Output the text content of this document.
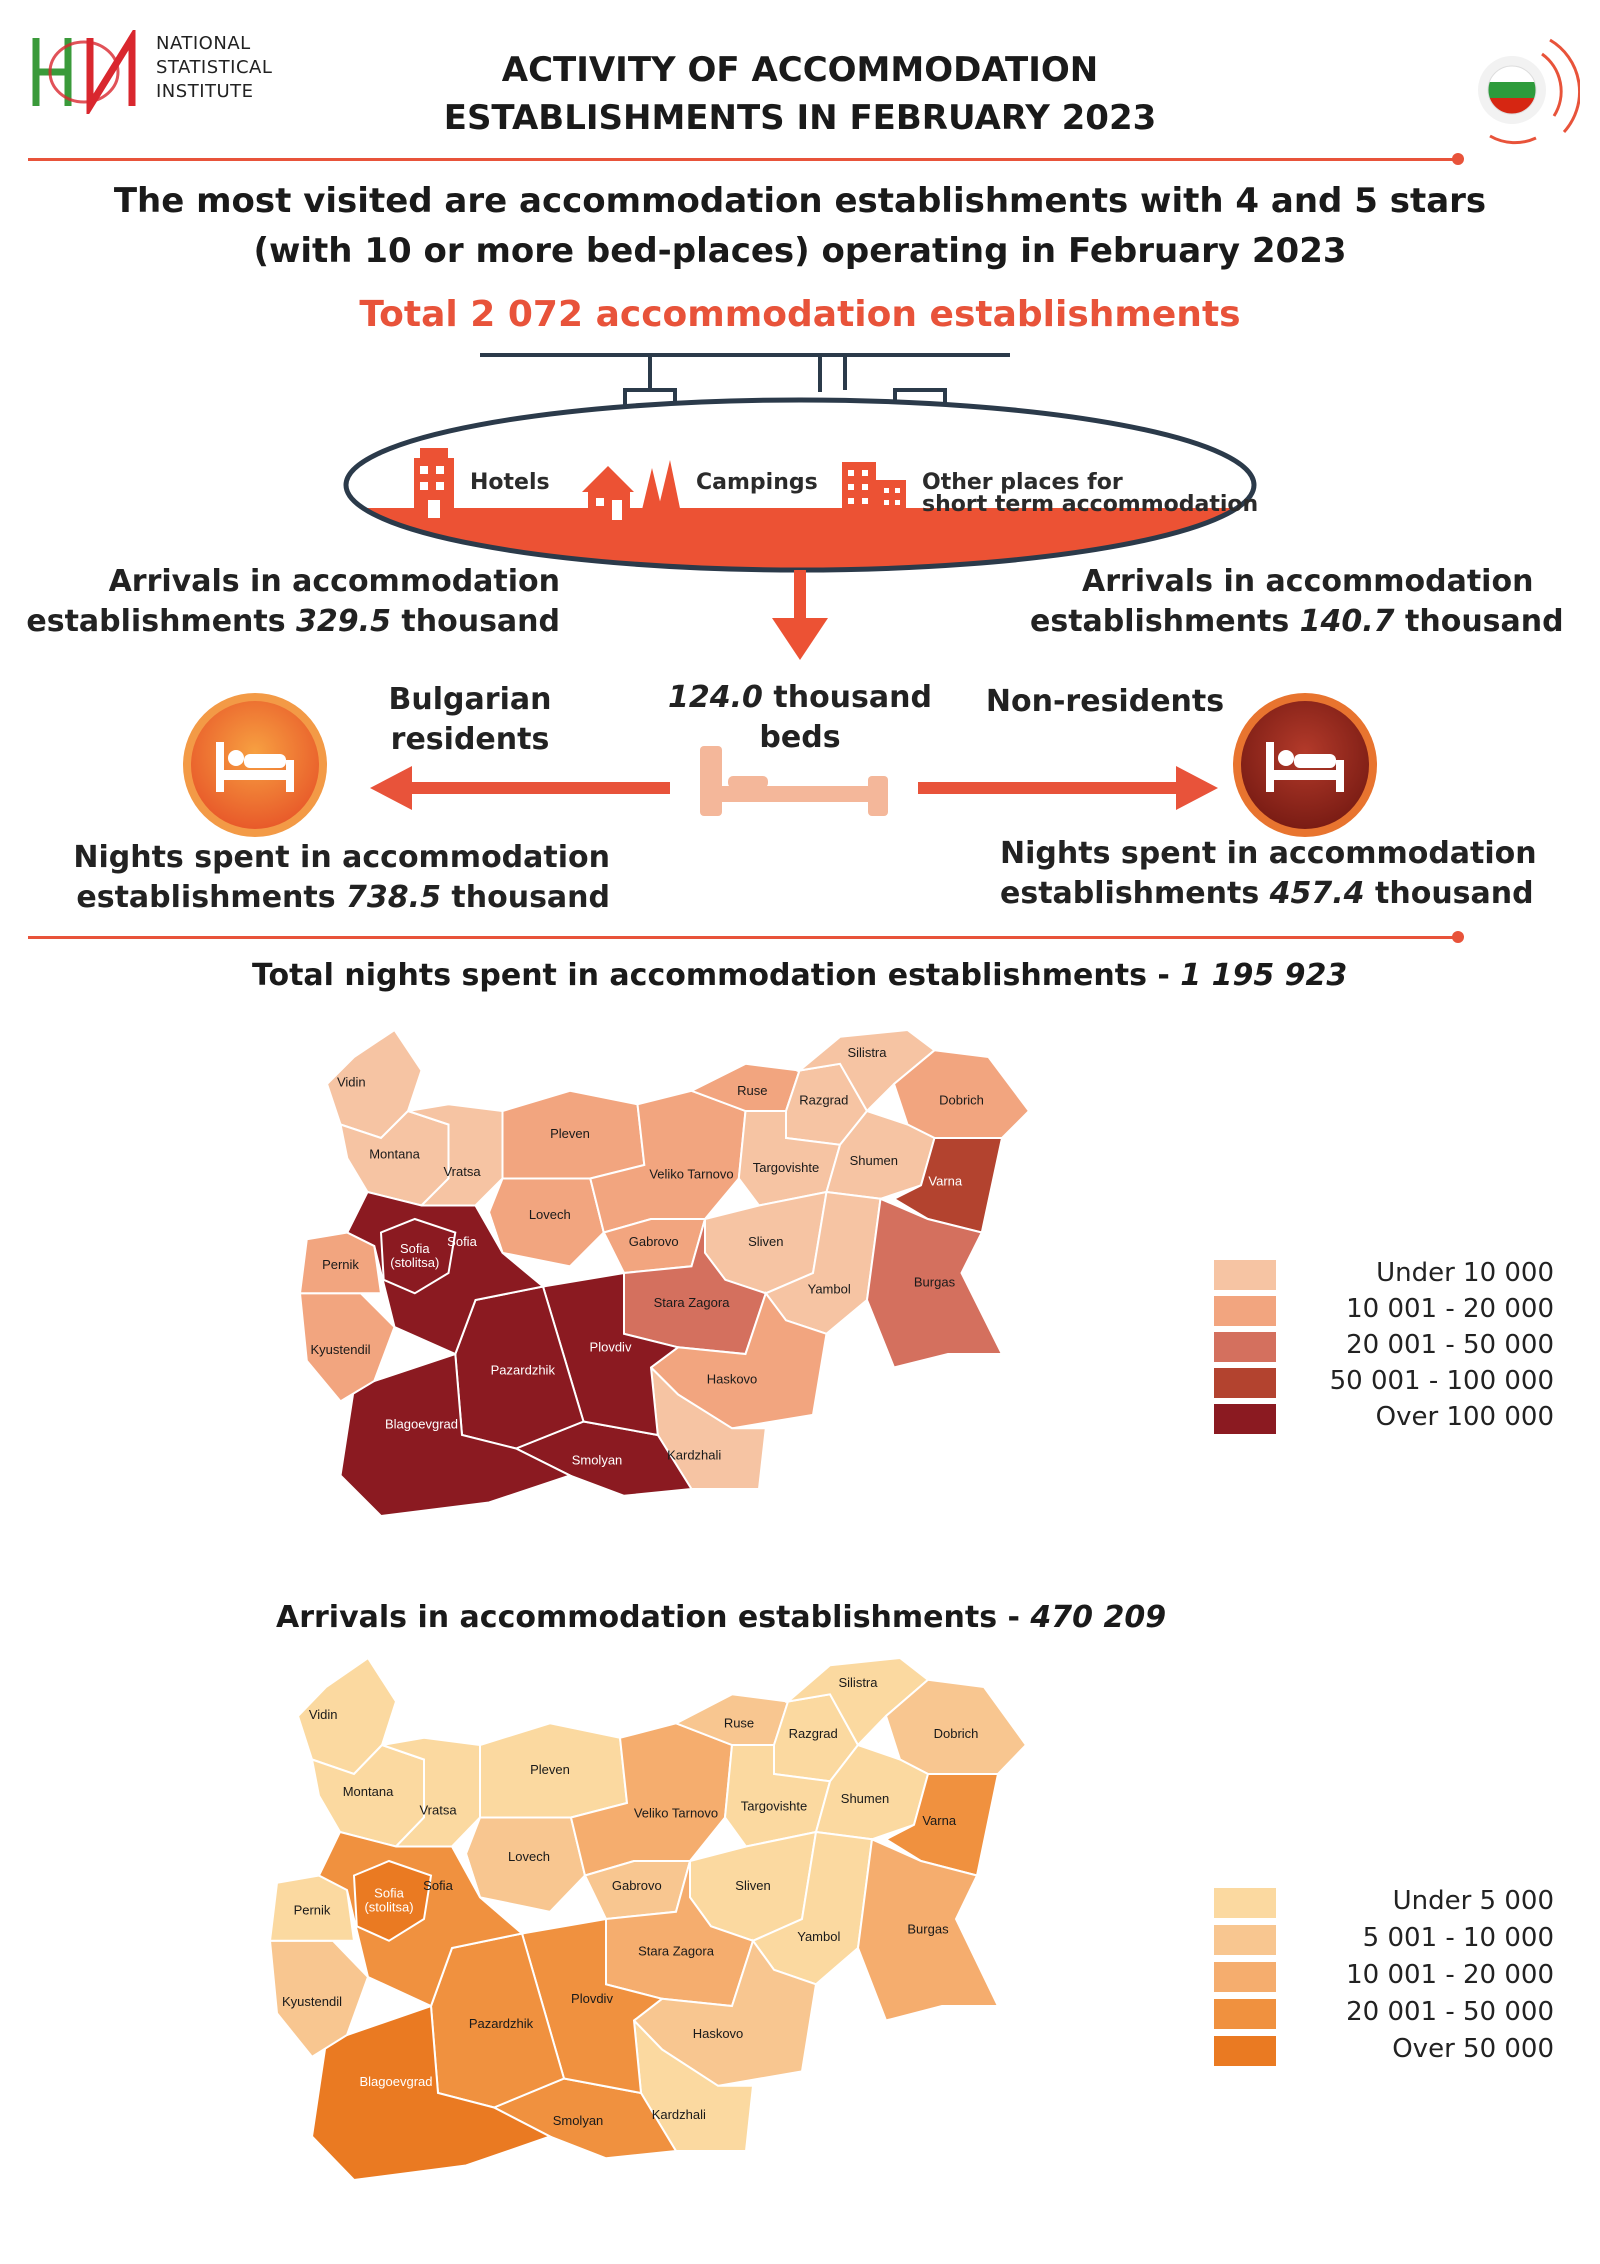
NATIONAL
STATISTICAL
INSTITUTE
ACTIVITY OF ACCOMMODATION
ESTABLISHMENTS IN FEBRUARY 2023
The most visited are accommodation establishments with 4 and 5 stars
(with 10 or more bed-places) operating in February 2023
Total 2 072 accommodation establishments
Hotels	Campings	Other places for
short term accommodation
Arrivals in accommodation
establishments 329.5 thousand
Arrivals in accommodation
establishments 140.7 thousand
Bulgarian
residents
124.0 thousand
beds
Non-residents
Nights spent in accommodation
establishments 738.5 thousand
Nights spent in accommodation
establishments 457.4 thousand
Total nights spent in accommodation establishments - 1 195 923
Vidin
Montana
Vratsa
Pleven
Lovech
Veliko Tarnovo
Gabrovo
Ruse
Razgrad
Silistra
Dobrich
Targovishte Shumen
Varna
Sliven
Yambol	Burgas
Stara Zagora
Haskovo
Kardzhali
Smolyan
Plovdiv
Pazardzhik
Blagoevgrad
Kyustendil
Pernik
Sofia
Sofia (stolitsa)	Under 10 000
10 001 - 20 000
20 001 - 50 000
50 001 - 100 000
Over 100 000
Arrivals in accommodation establishments - 470 209
Vidin
Montana
Vratsa
Pleven
Lovech
Veliko Tarnovo
Gabrovo
Ruse
Razgrad
Silistra
Dobrich
Targovishte	Shumen
Varna
Sliven
Yambol	Burgas
Stara Zagora
Haskovo
Kardzhali
Smolyan
Plovdiv
Pazardzhik
Blagoevgrad
Kyustendil
Pernik
Sofia
Sofia (stolitsa)	Under 5 000
5 001 - 10 000
10 001 - 20 000
20 001 - 50 000
Over 50 000
